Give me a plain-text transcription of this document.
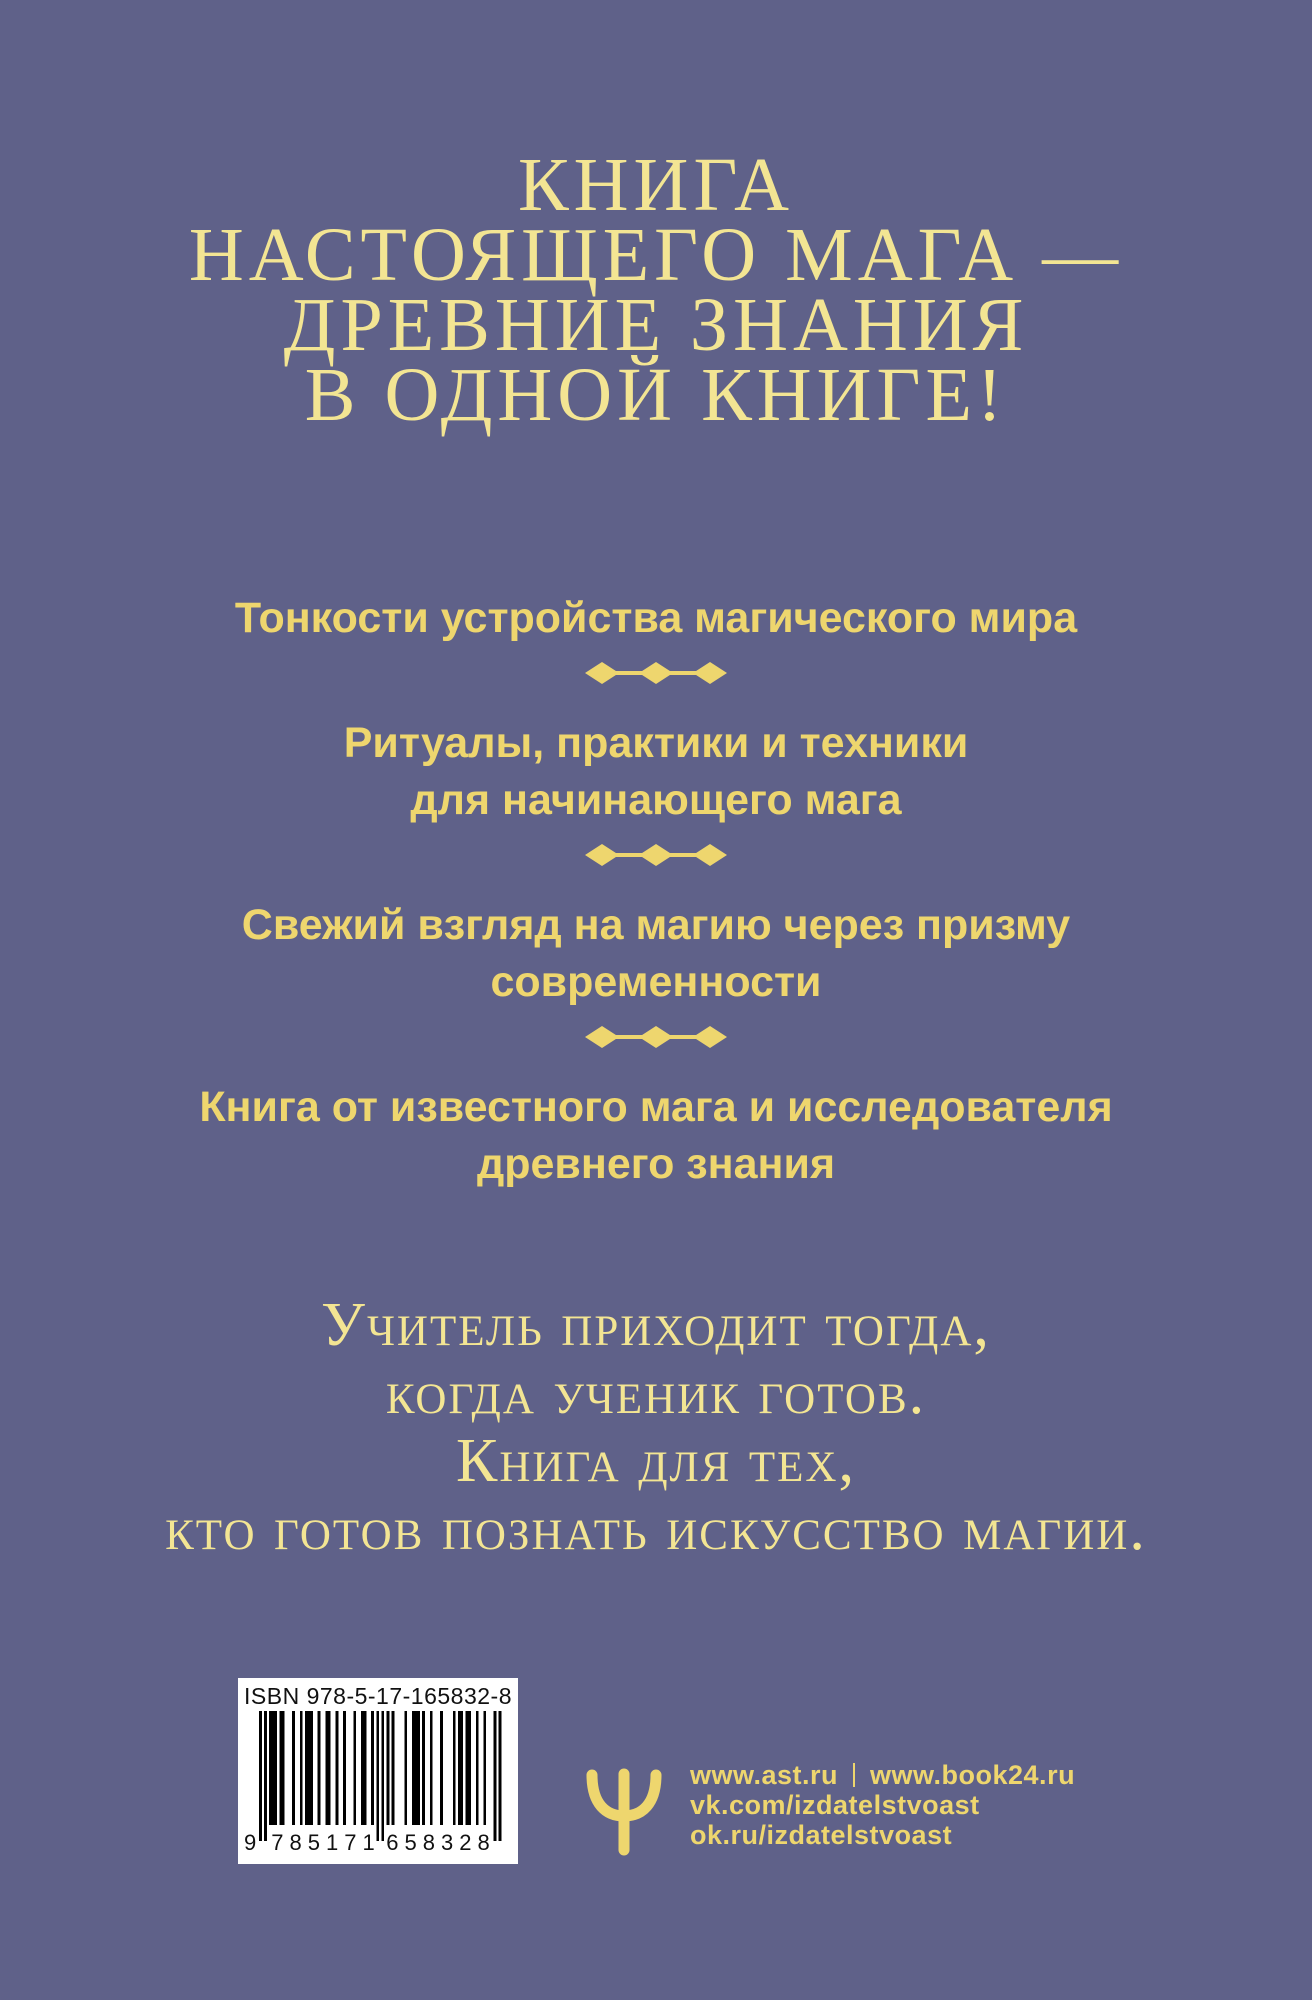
КНИГА
НАСТОЯЩЕГО МАГА —
ДРЕВНИЕ ЗНАНИЯ
В ОДНОЙ КНИГЕ!
Тонкости устройства магического мира
Ритуалы, практики и техники
для начинающего мага
Свежий взгляд на магию через призму
современности
Книга от известного мага и исследователя
древнего знания
Учитель приходит тогда,
когда ученик готов.
Книга для тех,
кто готов познать искусство магии.
ISBN 978-5-17-165832-8
9 785171 658328
www.ast.ru www.book24.ru
vk.com/izdatelstvoast
ok.ru/izdatelstvoast
